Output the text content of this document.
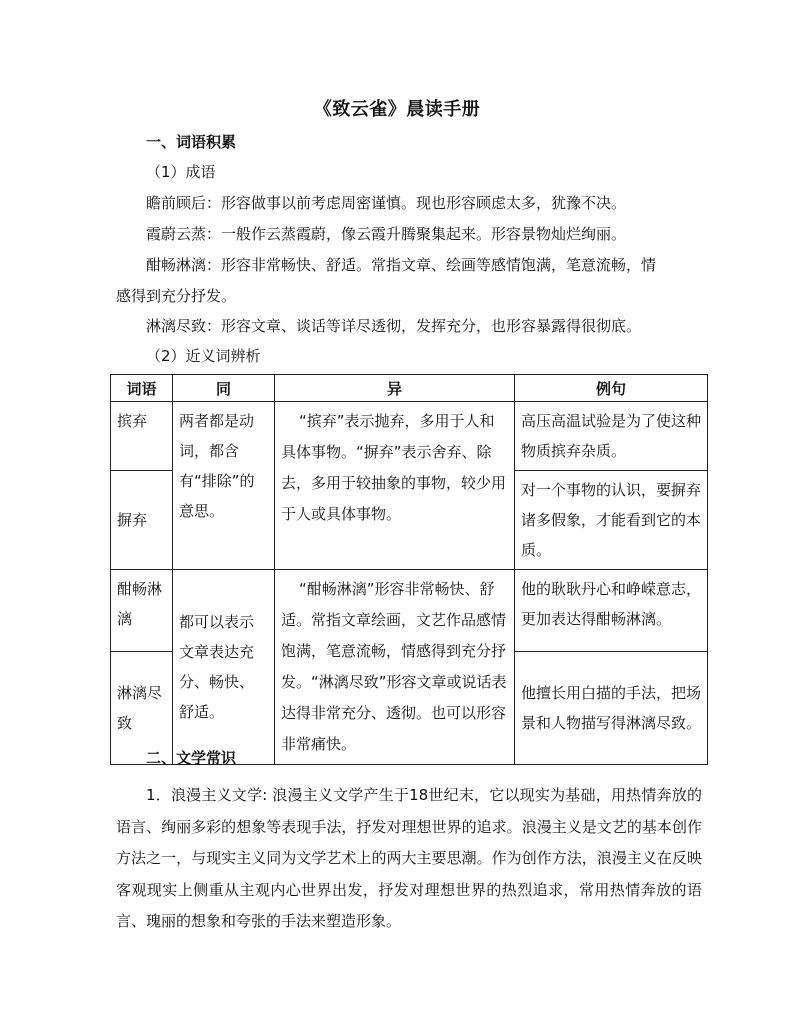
《致云雀》晨读手册
一、词语积累
（1）成语
瞻前顾后：形容做事以前考虑周密谨慎。现也形容顾虑太多，犹豫不决。
霞蔚云蒸：一般作云蒸霞蔚，像云霞升腾聚集起来。形容景物灿烂绚丽。
酣畅淋漓：形容非常畅快、舒适。常指文章、绘画等感情饱满，笔意流畅，情
感得到充分抒发。
淋漓尽致：形容文章、谈话等详尽透彻，发挥充分，也形容暴露得很彻底。
（2）近义词辨析
词语	同	异	例句
摈弃	两者都是动词，都含有“排除”的意思。	“摈弃”表示抛弃，多用于人和具体事物。“摒弃”表示舍弃、除去，多用于较抽象的事物，较少用于人或具体事物。	高压高温试验是为了使这种物质摈弃杂质。
摒弃			对一个事物的认识，要摒弃诸多假象，才能看到它的本质。
酣畅淋漓	都可以表示文章表达充分、畅快、舒适。	“酣畅淋漓”形容非常畅快、舒适。常指文章绘画，文艺作品感情饱满，笔意流畅，情感得到充分抒发。“淋漓尽致”形容文章或说话表达得非常充分、透彻。也可以形容非常痛快。	他的耿耿丹心和峥嵘意志，更加表达得酣畅淋漓。
淋漓尽致			他擅长用白描的手法，把场景和人物描写得淋漓尽致。
二、文学常识
1．浪漫主义文学: 浪漫主义文学产生于18世纪末，它以现实为基础，用热情奔放的语言、绚丽多彩的想象等表现手法，抒发对理想世界的追求。浪漫主义是文艺的基本创作方法之一，与现实主义同为文学艺术上的两大主要思潮。作为创作方法，浪漫主义在反映客观现实上侧重从主观内心世界出发，抒发对理想世界的热烈追求，常用热情奔放的语言、瑰丽的想象和夸张的手法来塑造形象。
